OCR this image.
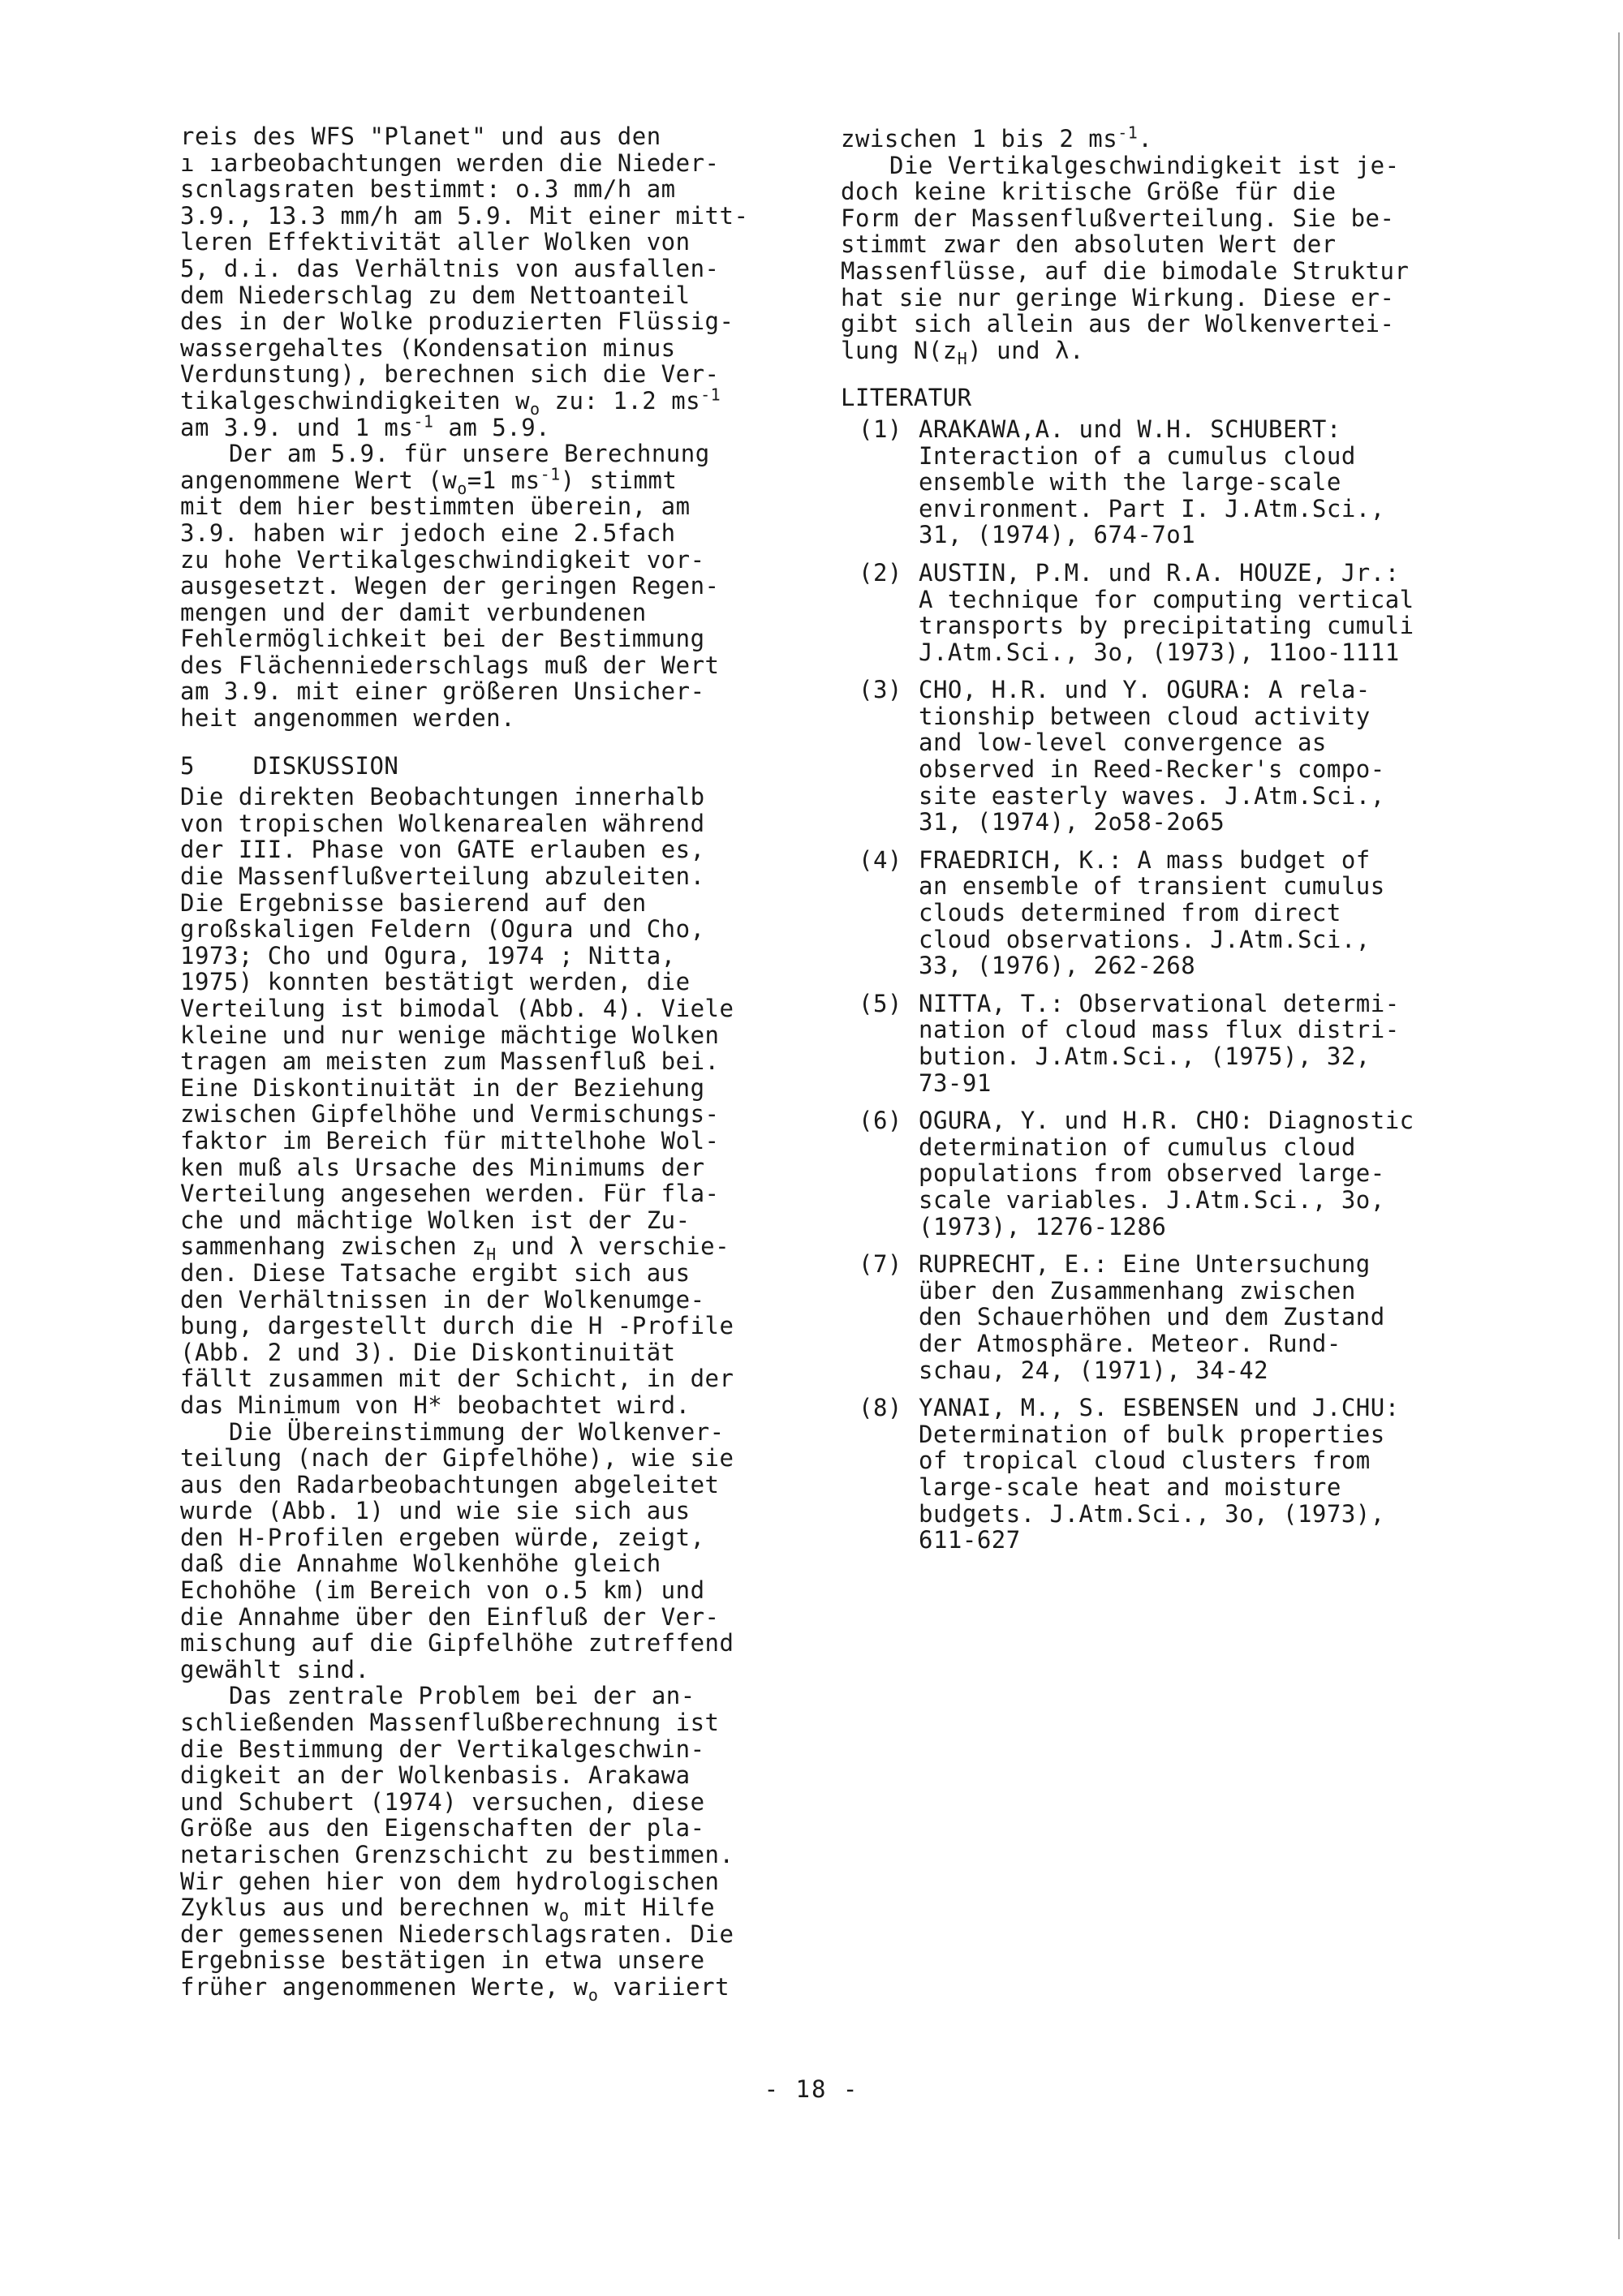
reis des WFS "Planet" und aus den
ı ıarbeobachtungen werden die Nieder-
scnlagsraten bestimmt: o.3 mm/h am
3.9., 13.3 mm/h am 5.9. Mit einer mitt-
leren Effektivität aller Wolken von
5, d.i. das Verhältnis von ausfallen-
dem Niederschlag zu dem Nettoanteil
des in der Wolke produzierten Flüssig-
wassergehaltes (Kondensation minus
Verdunstung), berechnen sich die Ver-
tikalgeschwindigkeiten $w_o$ zu: 1.2 $ms^{-1}$
am 3.9. und 1 $ms^{-1}$ am 5.9.
Der am 5.9. für unsere Berechnung
angenommene Wert ($w_o=1$ $ms^{-1}$) stimmt
mit dem hier bestimmten überein, am
3.9. haben wir jedoch eine 2.5fach
zu hohe Vertikalgeschwindigkeit vor-
ausgesetzt. Wegen der geringen Regen-
mengen und der damit verbundenen
Fehlermöglichkeit bei der Bestimmung
des Flächenniederschlags muß der Wert
am 3.9. mit einer größeren Unsicher-
heit angenommen werden.
5    DISKUSSION
Die direkten Beobachtungen innerhalb
von tropischen Wolkenarealen während
der III. Phase von GATE erlauben es,
die Massenflußverteilung abzuleiten.
Die Ergebnisse basierend auf den
großskaligen Feldern (Ogura und Cho,
1973; Cho und Ogura, 1974 ; Nitta,
1975) konnten bestätigt werden, die
Verteilung ist bimodal (Abb. 4). Viele
kleine und nur wenige mächtige Wolken
tragen am meisten zum Massenfluß bei.
Eine Diskontinuität in der Beziehung
zwischen Gipfelhöhe und Vermischungs-
faktor im Bereich für mittelhohe Wol-
ken muß als Ursache des Minimums der
Verteilung angesehen werden. Für fla-
che und mächtige Wolken ist der Zu-
sammenhang zwischen $z_H$ und λ verschie-
den. Diese Tatsache ergibt sich aus
den Verhältnissen in der Wolkenumge-
bung, dargestellt durch die H -Profile
(Abb. 2 und 3). Die Diskontinuität
fällt zusammen mit der Schicht, in der
das Minimum von H* beobachtet wird.
Die Übereinstimmung der Wolkenver-
teilung (nach der Gipfelhöhe), wie sie
aus den Radarbeobachtungen abgeleitet
wurde (Abb. 1) und wie sie sich aus
den H-Profilen ergeben würde, zeigt,
daß die Annahme Wolkenhöhe gleich
Echohöhe (im Bereich von o.5 km) und
die Annahme über den Einfluß der Ver-
mischung auf die Gipfelhöhe zutreffend
gewählt sind.
Das zentrale Problem bei der an-
schließenden Massenflußberechnung ist
die Bestimmung der Vertikalgeschwin-
digkeit an der Wolkenbasis. Arakawa
und Schubert (1974) versuchen, diese
Größe aus den Eigenschaften der pla-
netarischen Grenzschicht zu bestimmen.
Wir gehen hier von dem hydrologischen
Zyklus aus und berechnen $w_o$ mit Hilfe
der gemessenen Niederschlagsraten. Die
Ergebnisse bestätigen in etwa unsere
früher angenommenen Werte, $w_o$ variiert
zwischen 1 bis 2 $ms^{-1}$.
Die Vertikalgeschwindigkeit ist je-
doch keine kritische Größe für die
Form der Massenflußverteilung. Sie be-
stimmt zwar den absoluten Wert der
Massenflüsse, auf die bimodale Struktur
hat sie nur geringe Wirkung. Diese er-
gibt sich allein aus der Wolkenvertei-
lung $N(z_H)$ und λ.
LITERATUR
(1) ARAKAWA,A. und W.H. SCHUBERT:
Interaction of a cumulus cloud
ensemble with the large-scale
environment. Part I. J.Atm.Sci.,
31, (1974), 674-7o1
(2) AUSTIN, P.M. und R.A. HOUZE, Jr.:
A technique for computing vertical
transports by precipitating cumuli
J.Atm.Sci., 3o, (1973), 11oo-1111
(3) CHO, H.R. und Y. OGURA: A rela-
tionship between cloud activity
and low-level convergence as
observed in Reed-Recker's compo-
site easterly waves. J.Atm.Sci.,
31, (1974), 2o58-2o65
(4) FRAEDRICH, K.: A mass budget of
an ensemble of transient cumulus
clouds determined from direct
cloud observations. J.Atm.Sci.,
33, (1976), 262-268
(5) NITTA, T.: Observational determi-
nation of cloud mass flux distri-
bution. J.Atm.Sci., (1975), 32,
73-91
(6) OGURA, Y. und H.R. CHO: Diagnostic
determination of cumulus cloud
populations from observed large-
scale variables. J.Atm.Sci., 3o,
(1973), 1276-1286
(7) RUPRECHT, E.: Eine Untersuchung
über den Zusammenhang zwischen
den Schauerhöhen und dem Zustand
der Atmosphäre. Meteor. Rund-
schau, 24, (1971), 34-42
(8) YANAI, M., S. ESBENSEN und J.CHU:
Determination of bulk properties
of tropical cloud clusters from
large-scale heat and moisture
budgets. J.Atm.Sci., 3o, (1973),
611-627
- 18 -
